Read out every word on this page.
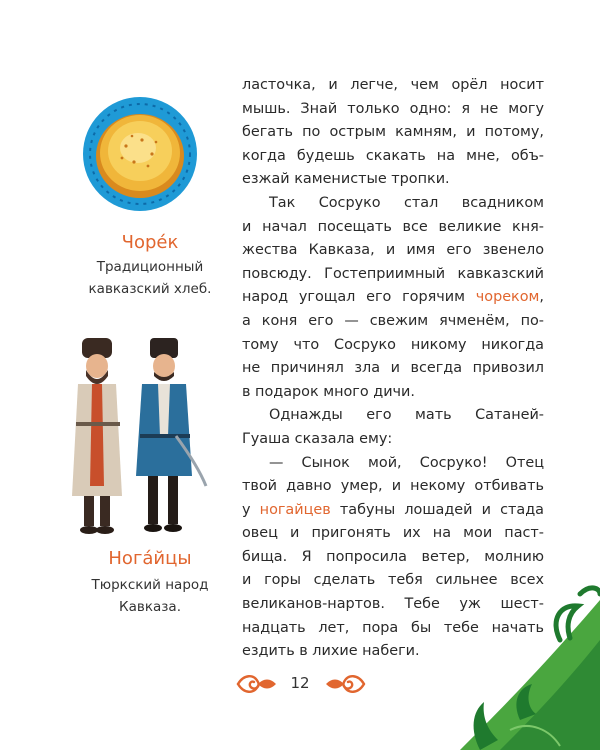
Чорéк
Традиционный
кавказский хлеб.
Ногáйцы
Тюркский народ
Кавказа.
ласточка, и легче, чем орёл носит
мышь. Знай только одно: я не могу
бегать по острым камням, и потому,
когда будешь скакать на мне, объ-
езжай каменистые тропки.
Так Сосруко стал всадником
и начал посещать все великие кня-
жества Кавказа, и имя его звенело
повсюду. Гостеприимный кавказский
народ угощал его горячим чореком,
а коня его — свежим ячменём, по-
тому что Сосруко никому никогда
не причинял зла и всегда привозил
в подарок много дичи.
Однажды его мать Сатаней-
Гуаша сказала ему:
— Сынок мой, Сосруко! Отец
твой давно умер, и некому отбивать
у ногайцев табуны лошадей и стада
овец и пригонять их на мои паст-
бища. Я попросила ветер, молнию
и горы сделать тебя сильнее всех
великанов-нартов. Тебе уж шест-
надцать лет, пора бы тебе начать
ездить в лихие набеги.
12
